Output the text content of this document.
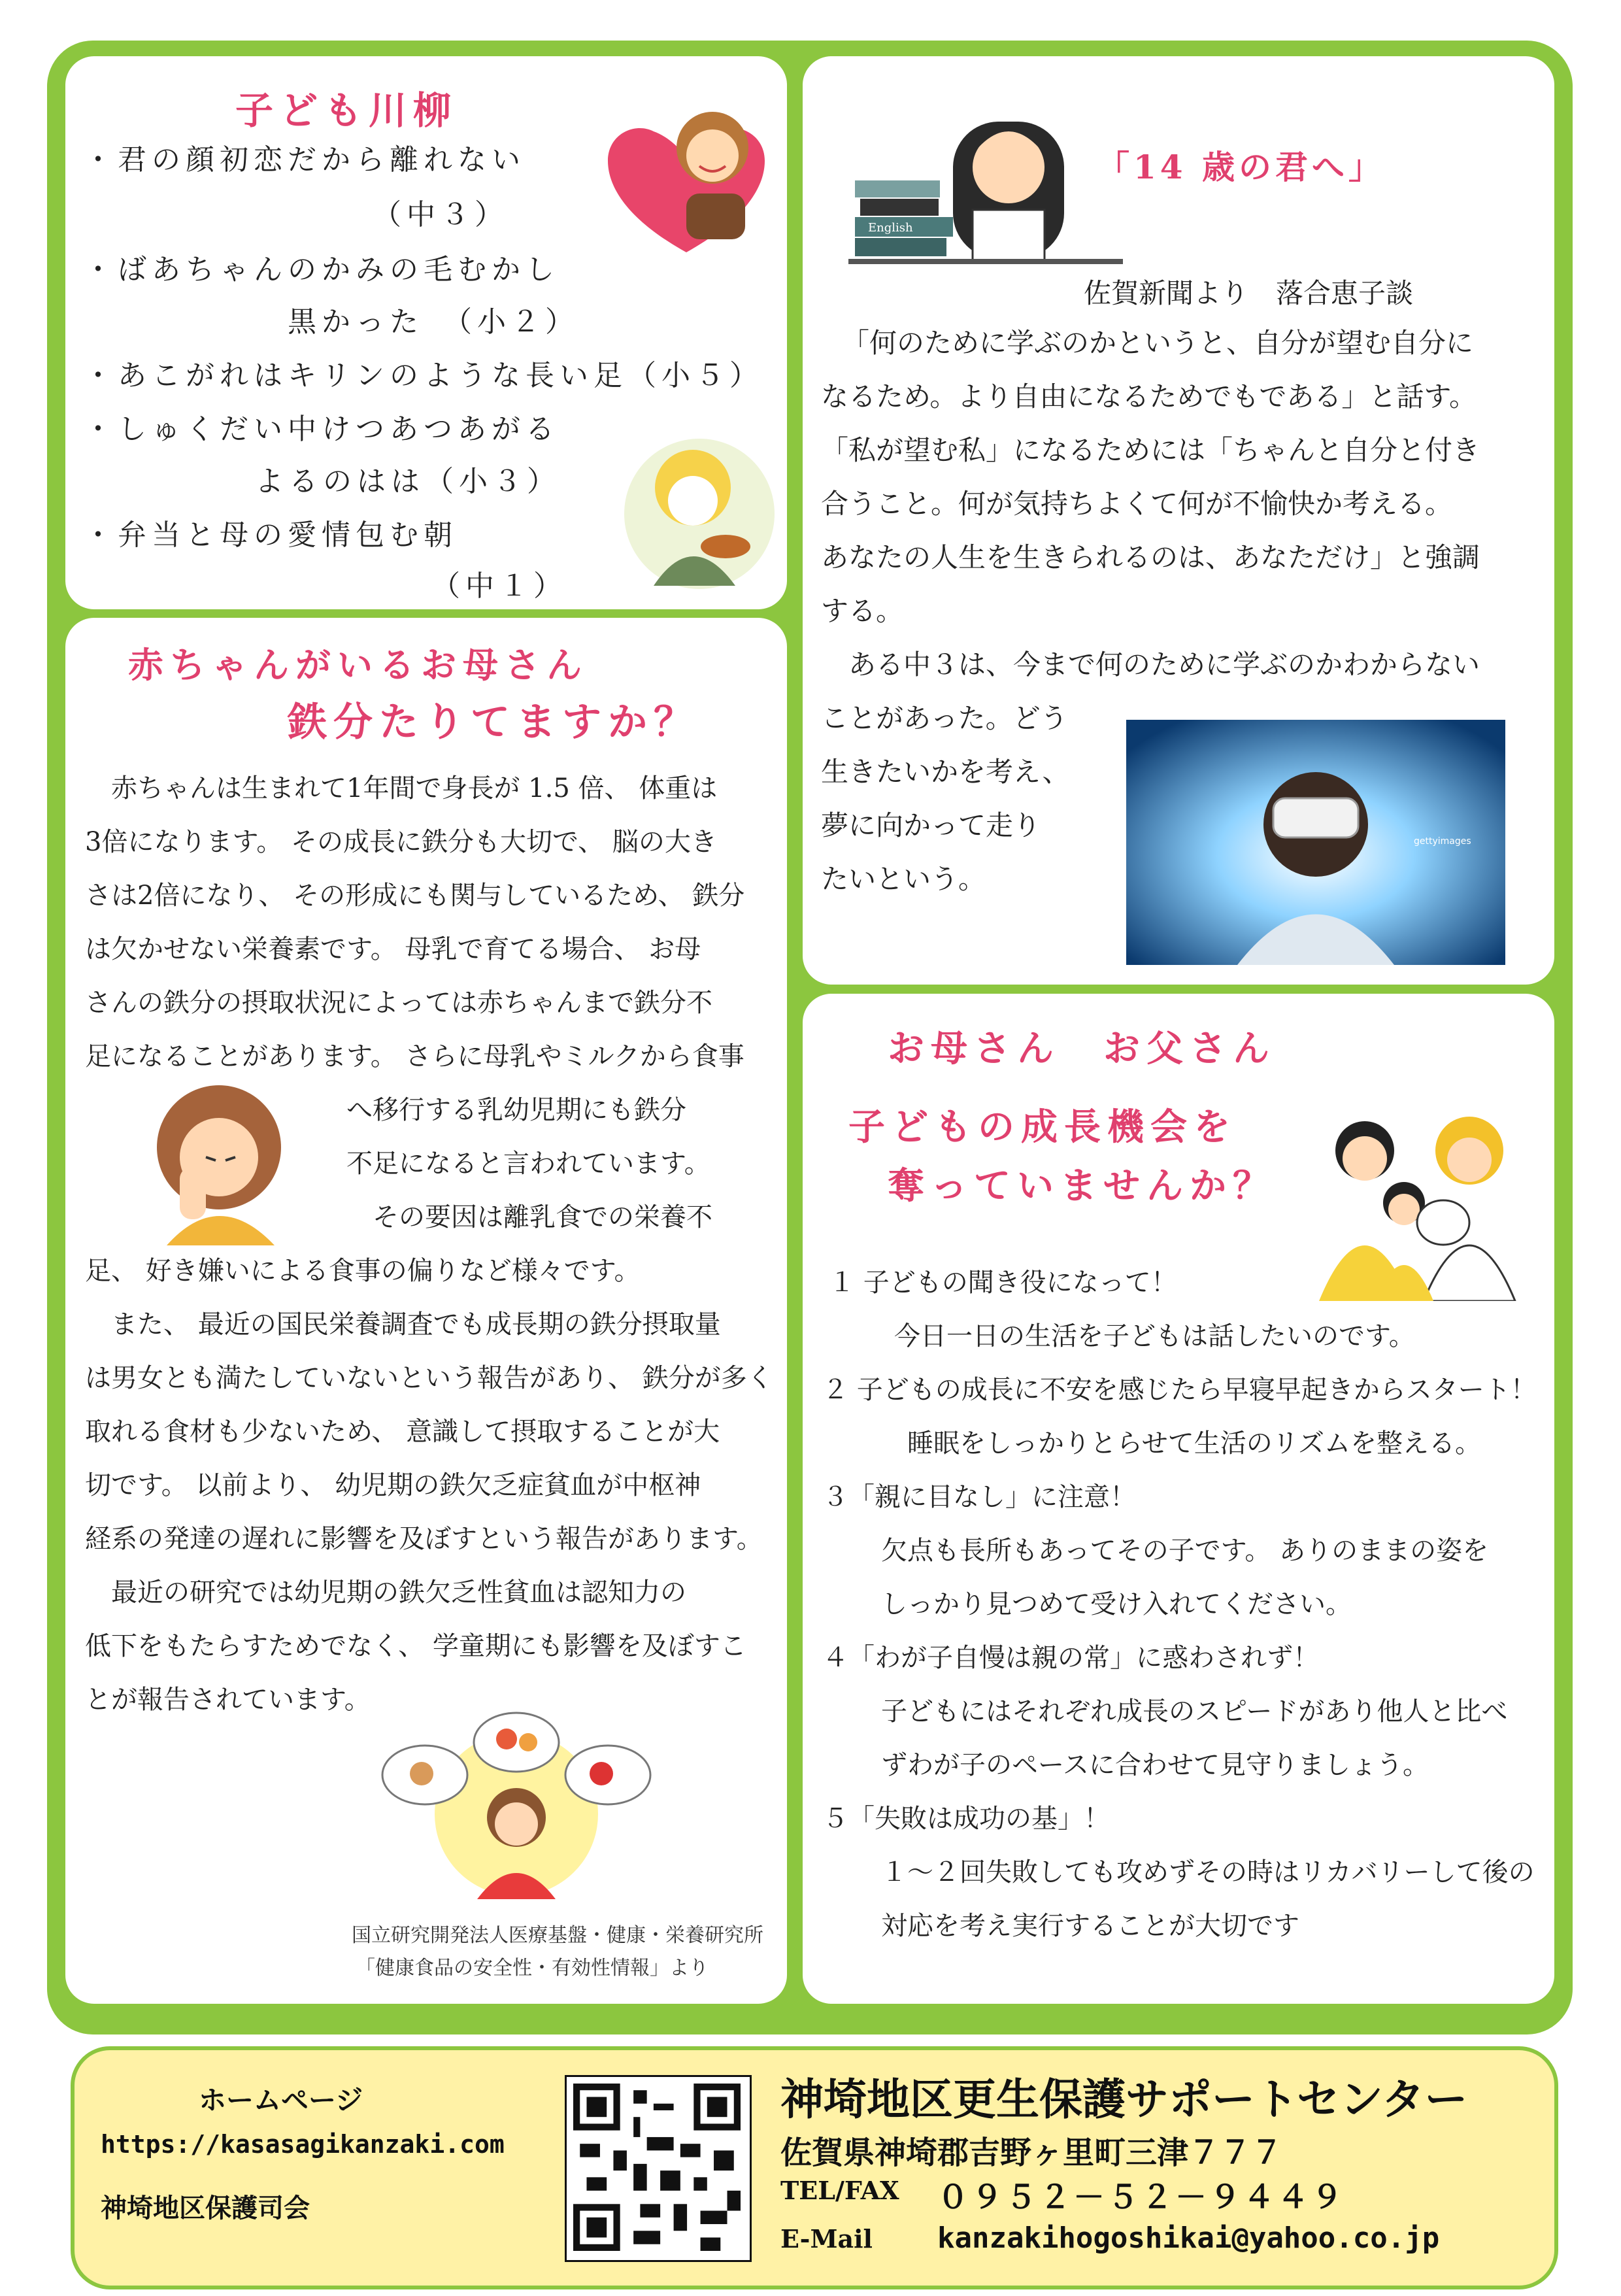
子ども川柳
・君の顔初恋だから離れない
（中３）
・ばあちゃんのかみの毛むかし
黒かった　（小２）
・あこがれはキリンのような長い足（小５）
・しゅくだい中けつあつあがる
よるのはは（小３）
・弁当と母の愛情包む朝
（中１）
赤ちゃんがいるお母さん
鉄分たりてますか？

　赤ちゃんは生まれて1年間で身長が 1.5 倍、 体重は

3倍になります。 その成長に鉄分も大切で、 脳の大き

さは2倍になり、 その形成にも関与しているため、 鉄分

は欠かせない栄養素です。 母乳で育てる場合、 お母

さんの鉄分の摂取状況によっては赤ちゃんまで鉄分不

足になることがあります。 さらに母乳やミルクから食事

へ移行する乳幼児期にも鉄分

不足になると言われています。

その要因は離乳食での栄養不

足、 好き嫌いによる食事の偏りなど様々です。

　また、 最近の国民栄養調査でも成長期の鉄分摂取量

は男女とも満たしていないという報告があり、 鉄分が多く

取れる食材も少ないため、 意識して摂取することが大

切です。 以前より、 幼児期の鉄欠乏症貧血が中枢神

経系の発達の遅れに影響を及ぼすという報告があります。

　最近の研究では幼児期の鉄欠乏性貧血は認知力の

低下をもたらすためでなく、 学童期にも影響を及ぼすこ

とが報告されています。

国立研究開発法人医療基盤・健康・栄養研究所
「健康食品の安全性・有効性情報」より
English
「14 歳の君へ」
佐賀新聞より　落合恵子談
「何のために学ぶのかというと、自分が望む自分に
なるため。より自由になるためでもである」と話す。
「私が望む私」になるためには「ちゃんと自分と付き
合うこと。何が気持ちよくて何が不愉快か考える。
あなたの人生を生きられるのは、あなただけ」と強調
する。
　ある中３は、今まで何のために学ぶのかわからない
ことがあった。どう
生きたいかを考え、
夢に向かって走り
たいという。
gettyimages
お母さん　お父さん
子どもの成長機会を
奪っていませんか？
１ 子どもの聞き役になって！
今日一日の生活を子どもは話したいのです。
２ 子どもの成長に不安を感じたら早寝早起きからスタート！
睡眠をしっかりとらせて生活のリズムを整える。
３「親に目なし」に注意！
欠点も長所もあってその子です。 ありのままの姿を
しっかり見つめて受け入れてください。
４「わが子自慢は親の常」に惑わされず！
子どもにはそれぞれ成長のスピードがあり他人と比べ
ずわが子のペースに合わせて見守りましょう。
５「失敗は成功の基」！
１～２回失敗しても攻めずその時はリカバリーして後の
対応を考え実行することが大切です
ホームページ
https://kasasagikanzaki.com
神埼地区保護司会
神埼地区更生保護サポートセンター
佐賀県神埼郡吉野ヶ里町三津７７７
TEL/FAX ０９５２－５２－９４４９
E-Mail kanzakihogoshikai@yahoo.co.jp
